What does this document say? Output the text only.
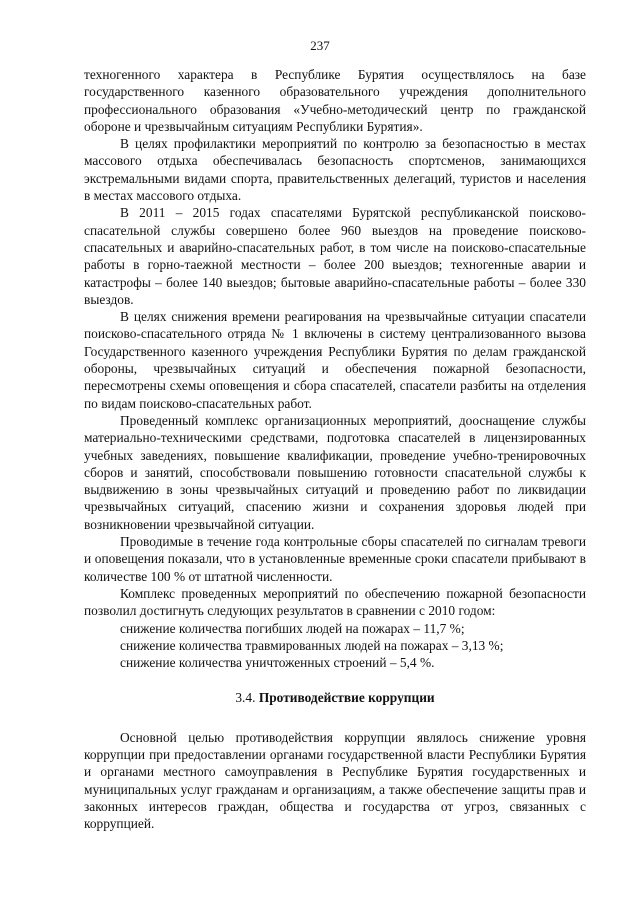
237

техногенного характера в Республике Бурятия осуществлялось на базе государственного казенного образовательного учреждения дополнительного профессионального образования «Учебно-методический центр по гражданской обороне и чрезвычайным ситуациям Республики Бурятия».

В целях профилактики мероприятий по контролю за безопасностью в местах массового отдыха обеспечивалась безопасность спортсменов, занимающихся экстремальными видами спорта, правительственных делегаций, туристов и населения в местах массового отдыха.

В 2011 – 2015 годах спасателями Бурятской республиканской поисково-спасательной службы совершено более 960 выездов на проведение поисково-спасательных и аварийно-спасательных работ, в том числе на поисково-спасательные работы в горно-таежной местности – более 200 выездов; техногенные аварии и катастрофы – более 140 выездов; бытовые аварийно-спасательные работы – более 330 выездов.

В целях снижения времени реагирования на чрезвычайные ситуации спасатели поисково-спасательного отряда № 1 включены в систему централизованного вызова Государственного казенного учреждения Республики Бурятия по делам гражданской обороны, чрезвычайных ситуаций и обеспечения пожарной безопасности, пересмотрены схемы оповещения и сбора спасателей, спасатели разбиты на отделения по видам поисково-спасательных работ.

Проведенный комплекс организационных мероприятий, дооснащение службы материально-техническими средствами, подготовка спасателей в лицензированных учебных заведениях, повышение квалификации, проведение учебно-тренировочных сборов и занятий, способствовали повышению готовности спасательной службы к выдвижению в зоны чрезвычайных ситуаций и проведению работ по ликвидации чрезвычайных ситуаций, спасению жизни и сохранения здоровья людей при возникновении чрезвычайной ситуации.

Проводимые в течение года контрольные сборы спасателей по сигналам тревоги и оповещения показали, что в установленные временные сроки спасатели прибывают в количестве 100 % от штатной численности.

Комплекс проведенных мероприятий по обеспечению пожарной безопасности позволил достигнуть следующих результатов в сравнении с 2010 годом:

снижение количества погибших людей на пожарах – 11,7 %;

снижение количества травмированных людей на пожарах – 3,13 %;

снижение количества уничтоженных строений – 5,4 %.

3.4. Противодействие коррупции

Основной целью противодействия коррупции являлось снижение уровня коррупции при предоставлении органами государственной власти Республики Бурятия и органами местного самоуправления в Республике Бурятия государственных и муниципальных услуг гражданам и организациям, а также обеспечение защиты прав и законных интересов граждан, общества и государства от угроз, связанных с коррупцией.
